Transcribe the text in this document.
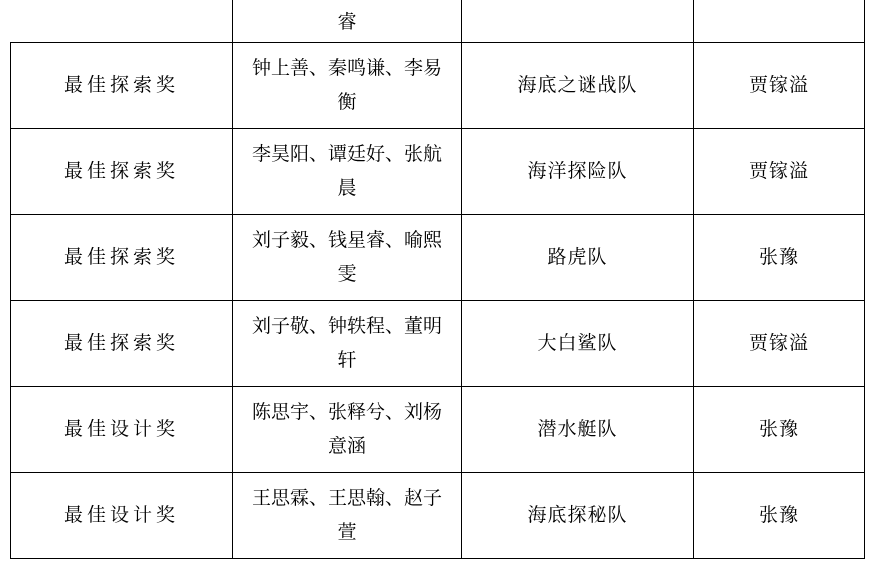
	睿		
最佳探索奖	钟上善、秦鸣谦、李易衡	海底之谜战队	贾镓溢
最佳探索奖	李昊阳、谭廷好、张航晨	海洋探险队	贾镓溢
最佳探索奖	刘子毅、钱星睿、喻熙雯	路虎队	张豫
最佳探索奖	刘子敬、钟轶程、董明轩	大白鲨队	贾镓溢
最佳设计奖	陈思宇、张释兮、刘杨意涵	潜水艇队	张豫
最佳设计奖	王思霖、王思翰、赵子萱	海底探秘队	张豫
